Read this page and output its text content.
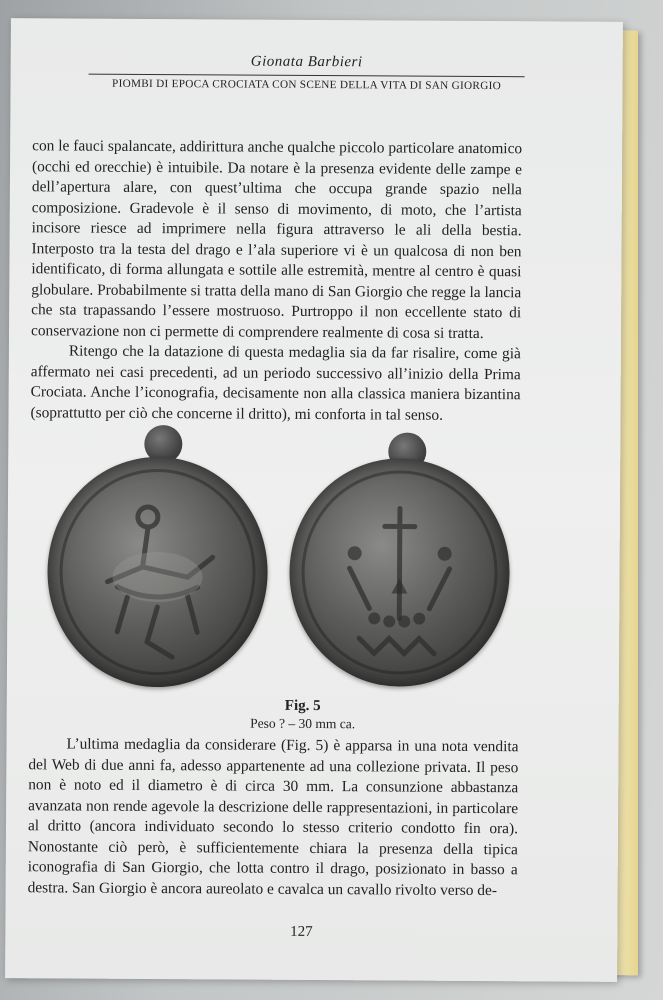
Gionata Barbieri
PIOMBI DI EPOCA CROCIATA CON SCENE DELLA VITA DI SAN GIORGIO

con le fauci spalancate, addirittura anche qualche piccolo particolare anatomico (occhi ed orecchie) è intuibile. Da notare è la presenza evidente delle zampe e dell’apertura alare, con quest’ultima che occupa grande spazio nella composizione. Gradevole è il senso di movimento, di moto, che l’artista incisore riesce ad imprimere nella figura attraverso le ali della bestia. Interposto tra la testa del drago e l’ala superiore vi è un qualcosa di non ben identificato, di forma allungata e sottile alle estremità, mentre al centro è quasi globulare. Probabilmente si tratta della mano di San Giorgio che regge la lancia che sta trapassando l’essere mostruoso. Purtroppo il non eccellente stato di conservazione non ci permette di comprendere realmente di cosa si tratta.

Ritengo che la datazione di questa medaglia sia da far risalire, come già affermato nei casi precedenti, ad un periodo successivo all’inizio della Prima Crociata. Anche l’iconografia, decisamente non alla classica maniera bizantina (soprattutto per ciò che concerne il dritto), mi conforta in tal senso.

Fig. 5
Peso ? – 30 mm ca.

L’ultima medaglia da considerare (Fig. 5) è apparsa in una nota vendita del Web di due anni fa, adesso appartenente ad una collezione privata. Il peso non è noto ed il diametro è di circa 30 mm. La consunzione abbastanza avanzata non rende agevole la descrizione delle rappresentazioni, in particolare al dritto (ancora individuato secondo lo stesso criterio condotto fin ora). Nonostante ciò però, è sufficientemente chiara la presenza della tipica iconografia di San Giorgio, che lotta contro il drago, posizionato in basso a destra. San Giorgio è ancora aureolato e cavalca un cavallo rivolto verso de-

127
